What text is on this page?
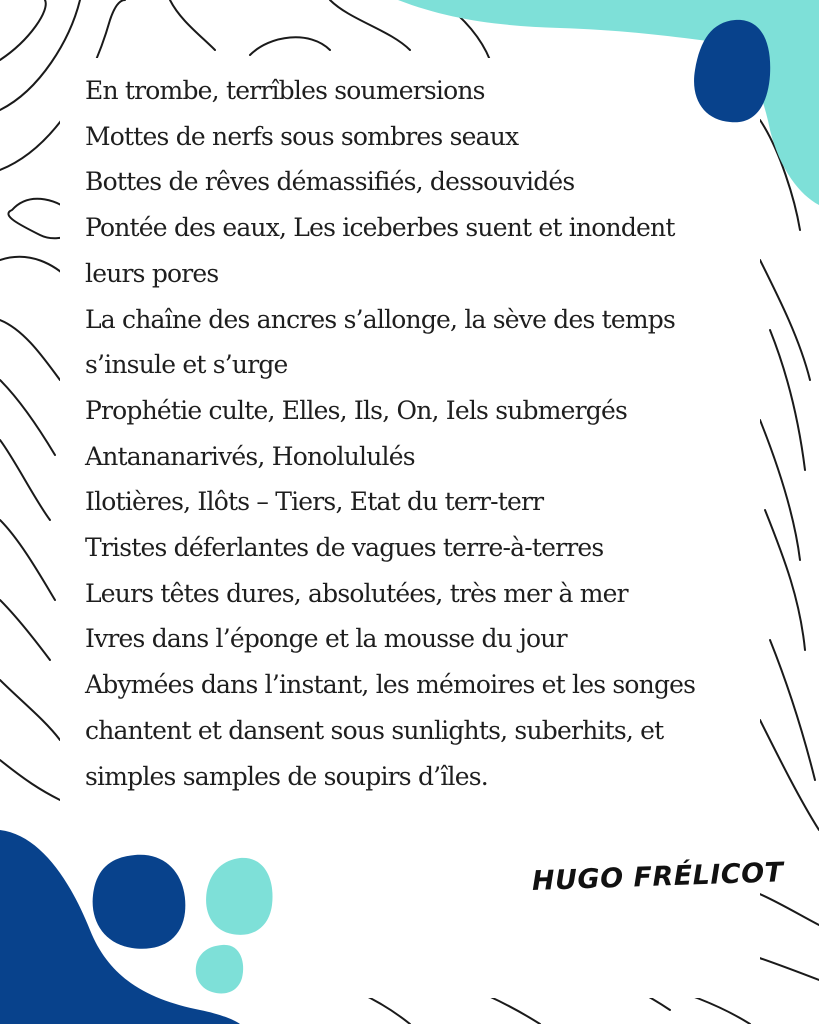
En trombe, terrîbles soumersions
Mottes de nerfs sous sombres seaux
Bottes de rêves démassifiés, dessouvidés
Pontée des eaux, Les iceberbes suent et inondent
leurs pores
La chaîne des ancres s’allonge, la sève des temps
s’insule et s’urge
Prophétie culte, Elles, Ils, On, Iels submergés
Antananarivés, Honolululés
Ilotières, Ilôts – Tiers, Etat du terr-terr
Tristes déferlantes de vagues terre-à-terres
Leurs têtes dures, absolutées, très mer à mer
Ivres dans l’éponge et la mousse du jour
Abymées dans l’instant, les mémoires et les songes
chantent et dansent sous sunlights, suberhits, et
simples samples de soupirs d’îles.
HUGO FRÉLICOT
